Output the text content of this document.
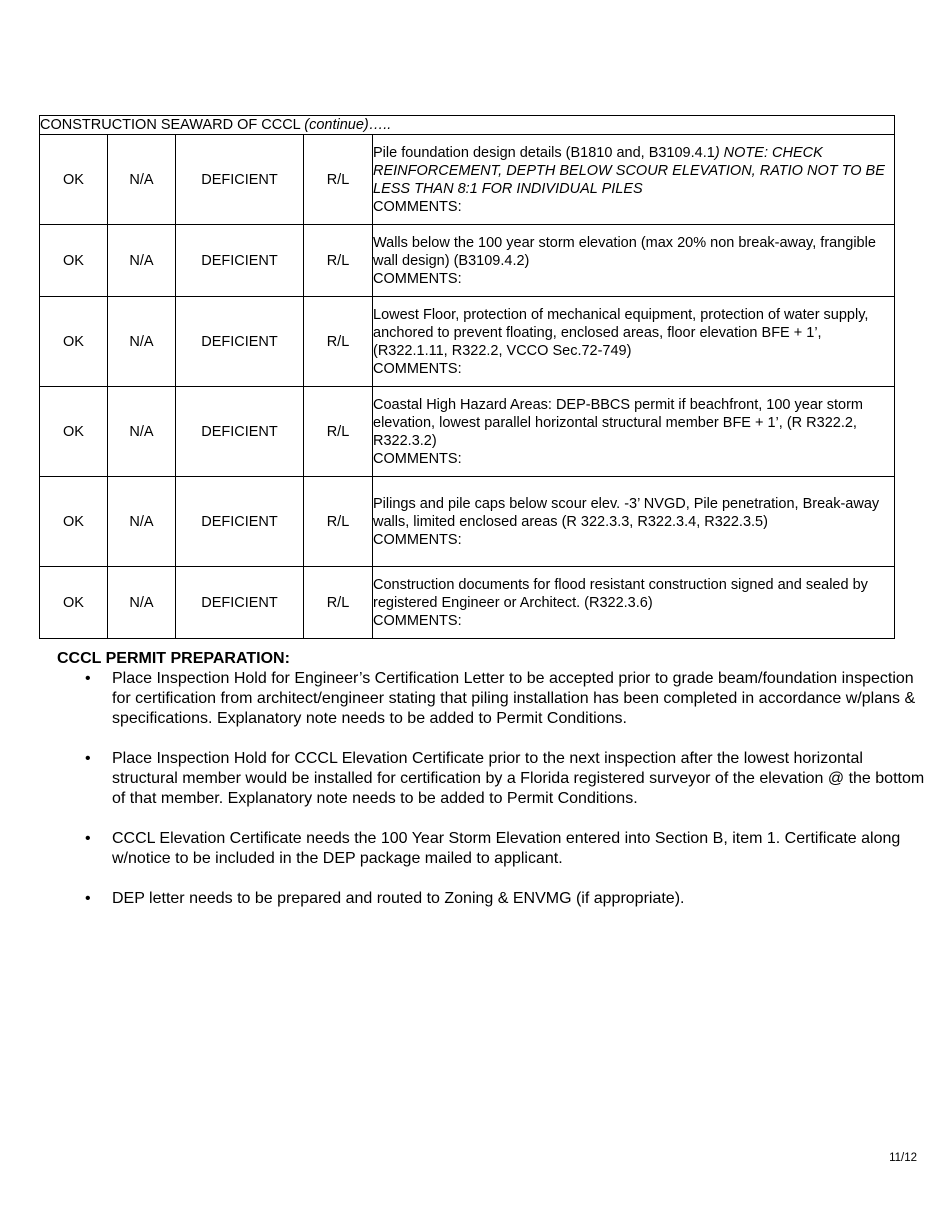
CONSTRUCTION SEAWARD OF CCCL (continue)…..				
OK	N/A	DEFICIENT	R/L	Pile foundation design details (B1810 and, B3109.4.1) NOTE: CHECK REINFORCEMENT, DEPTH BELOW SCOUR ELEVATION, RATIO NOT TO BE LESS THAN 8:1 FOR INDIVIDUAL PILES
COMMENTS:
OK	N/A	DEFICIENT	R/L	Walls below the 100 year storm elevation (max 20% non break-away, frangible wall design) (B3109.4.2)
COMMENTS:
OK	N/A	DEFICIENT	R/L	Lowest Floor, protection of mechanical equipment, protection of water supply, anchored to prevent floating, enclosed areas, floor elevation BFE + 1’, (R322.1.11, R322.2, VCCO Sec.72-749)
COMMENTS:
OK	N/A	DEFICIENT	R/L	Coastal High Hazard Areas: DEP-BBCS permit if beachfront, 100 year storm elevation, lowest parallel horizontal structural member BFE + 1’, (R R322.2, R322.3.2)
COMMENTS:
OK	N/A	DEFICIENT	R/L	Pilings and pile caps below scour elev. -3’ NVGD, Pile penetration, Break-away walls, limited enclosed areas (R 322.3.3, R322.3.4, R322.3.5)
COMMENTS:
OK	N/A	DEFICIENT	R/L	Construction documents for flood resistant construction signed and sealed by registered Engineer or Architect. (R322.3.6)
COMMENTS:
CCCL PERMIT PREPARATION:
• Place Inspection Hold for Engineer’s Certification Letter to be accepted prior to grade beam/foundation inspection for certification from architect/engineer stating that piling installation has been completed in accordance w/plans & specifications. Explanatory note needs to be added to Permit Conditions.
• Place Inspection Hold for CCCL Elevation Certificate prior to the next inspection after the lowest horizontal structural member would be installed for certification by a Florida registered surveyor of the elevation @ the bottom of that member. Explanatory note needs to be added to Permit Conditions.
• CCCL Elevation Certificate needs the 100 Year Storm Elevation entered into Section B, item 1. Certificate along w/notice to be included in the DEP package mailed to applicant.
• DEP letter needs to be prepared and routed to Zoning & ENVMG (if appropriate).
11/12
